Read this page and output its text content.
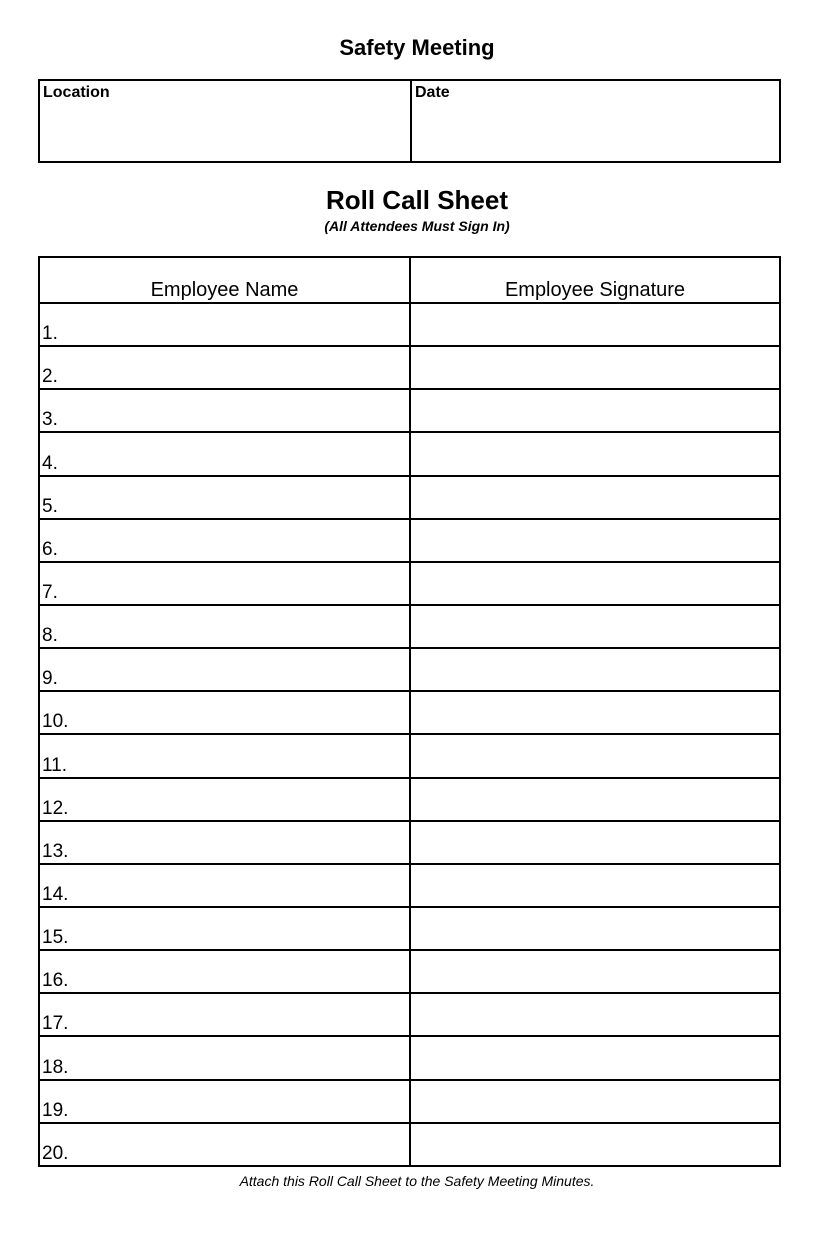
Safety Meeting
Location	Date
Roll Call Sheet
(All Attendees Must Sign In)
Employee Name	Employee Signature
1.
2.
3.
4.
5.
6.
7.
8.
9.
10.
11.
12.
13.
14.
15.
16.
17.
18.
19.
20.
Attach this Roll Call Sheet to the Safety Meeting Minutes.
